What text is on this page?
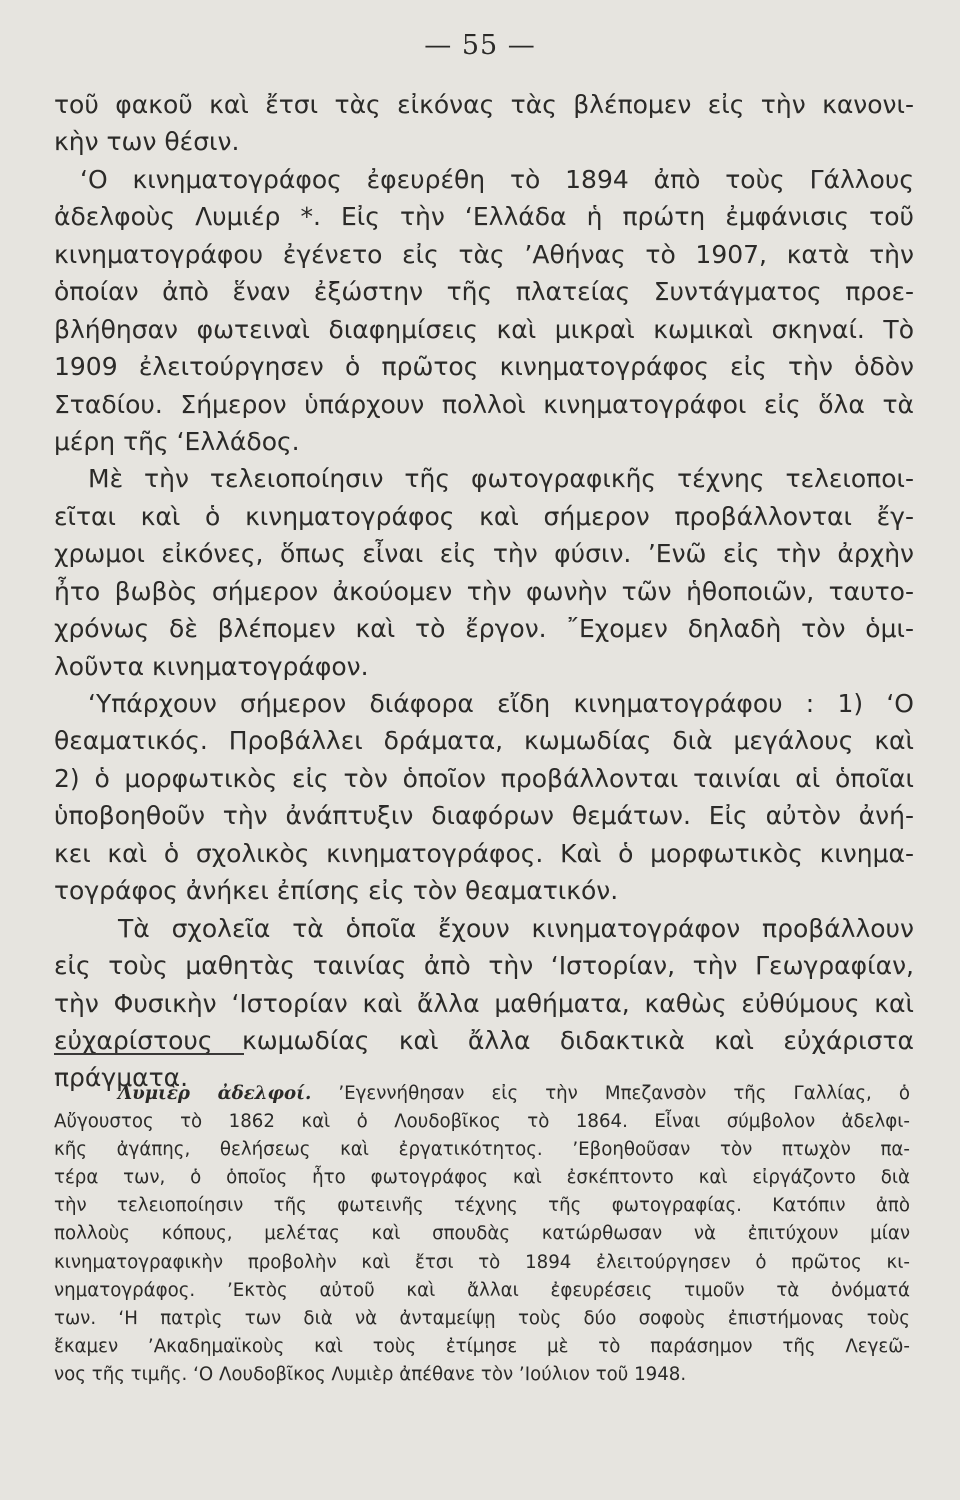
— 55 —
τοῦ φακοῦ καὶ ἔτσι τὰς εἰκόνας τὰς βλέπομεν εἰς τὴν κανονι-
κὴν των θέσιν.
‘Ο κινηματογράφος ἐφευρέθη τὸ 1894 ἀπὸ τοὺς Γάλλους
ἀδελφοὺς Λυμιέρ *. Εἰς τὴν ‘Ελλάδα ἡ πρώτη ἐμφάνισις τοῦ
κινηματογράφου ἐγένετο εἰς τὰς ’Αθήνας τὸ 1907, κατὰ τὴν
ὁποίαν ἀπὸ ἕναν ἐξώστην τῆς πλατείας Συντάγματος προε-
βλήθησαν φωτειναὶ διαφημίσεις καὶ μικραὶ κωμικαὶ σκηναί. Τὸ
1909 ἐλειτούργησεν ὁ πρῶτος κινηματογράφος εἰς τὴν ὁδὸν
Σταδίου. Σήμερον ὑπάρχουν πολλοὶ κινηματογράφοι εἰς ὅλα τὰ
μέρη τῆς ‘Ελλάδος.
Μὲ τὴν τελειοποίησιν τῆς φωτογραφικῆς τέχνης τελειοποι-
εῖται καὶ ὁ κινηματογράφος καὶ σήμερον προβάλλονται ἔγ-
χρωμοι εἰκόνες, ὅπως εἶναι εἰς τὴν φύσιν. ’Ενῶ εἰς τὴν ἀρχὴν
ἦτο βωβὸς σήμερον ἀκούομεν τὴν φωνὴν τῶν ἡθοποιῶν, ταυτο-
χρόνως δὲ βλέπομεν καὶ τὸ ἔργον. ῎Εχομεν δηλαδὴ τὸν ὁμι-
λοῦντα κινηματογράφον.
‘Υπάρχουν σήμερον διάφορα εἴδη κινηματογράφου : 1) ‘Ο
θεαματικός. Προβάλλει δράματα, κωμωδίας διὰ μεγάλους καὶ
2) ὁ μορφωτικὸς εἰς τὸν ὁποῖον προβάλλονται ταινίαι αἱ ὁποῖαι
ὑποβοηθοῦν τὴν ἀνάπτυξιν διαφόρων θεμάτων. Εἰς αὐτὸν ἀνή-
κει καὶ ὁ σχολικὸς κινηματογράφος. Καὶ ὁ μορφωτικὸς κινημα-
τογράφος ἀνήκει ἐπίσης εἰς τὸν θεαματικόν.
Τὰ σχολεῖα τὰ ὁποῖα ἔχουν κινηματογράφον προβάλλουν
εἰς τοὺς μαθητὰς ταινίας ἀπὸ τὴν ‘Ιστορίαν, τὴν Γεωγραφίαν,
τὴν Φυσικὴν ‘Ιστορίαν καὶ ἄλλα μαθήματα, καθὼς εὐθύμους καὶ
εὐχαρίστους κωμωδίας καὶ ἄλλα διδακτικὰ καὶ εὐχάριστα
πράγματα.
Λυμιὲρ ἀδελφοί. ’Εγεννήθησαν εἰς τὴν Μπεζανσὸν τῆς Γαλλίας, ὁ
Αὔγουστος τὸ 1862 καὶ ὁ Λουδοβῖκος τὸ 1864. Εἶναι σύμβολον ἀδελφι-
κῆς ἀγάπης, θελήσεως καὶ ἐργατικότητος. ’Εβοηθοῦσαν τὸν πτωχὸν πα-
τέρα των, ὁ ὁποῖος ἦτο φωτογράφος καὶ ἐσκέπτοντο καὶ εἰργάζοντο διὰ
τὴν τελειοποίησιν τῆς φωτεινῆς τέχνης τῆς φωτογραφίας. Κατόπιν ἀπὸ
πολλοὺς κόπους, μελέτας καὶ σπουδὰς κατώρθωσαν νὰ ἐπιτύχουν μίαν
κινηματογραφικὴν προβολὴν καὶ ἔτσι τὸ 1894 ἐλειτούργησεν ὁ πρῶτος κι-
νηματογράφος. ’Εκτὸς αὐτοῦ καὶ ἄλλαι ἐφευρέσεις τιμοῦν τὰ ὀνόματά
των. ‘Η πατρὶς των διὰ νὰ ἀνταμείψῃ τοὺς δύο σοφοὺς ἐπιστήμονας τοὺς
ἔκαμεν ’Ακαδημαϊκοὺς καὶ τοὺς ἐτίμησε μὲ τὸ παράσημον τῆς Λεγεῶ-
νος τῆς τιμῆς. ‘Ο Λουδοβῖκος Λυμιὲρ ἀπέθανε τὸν ’Ιούλιον τοῦ 1948.
